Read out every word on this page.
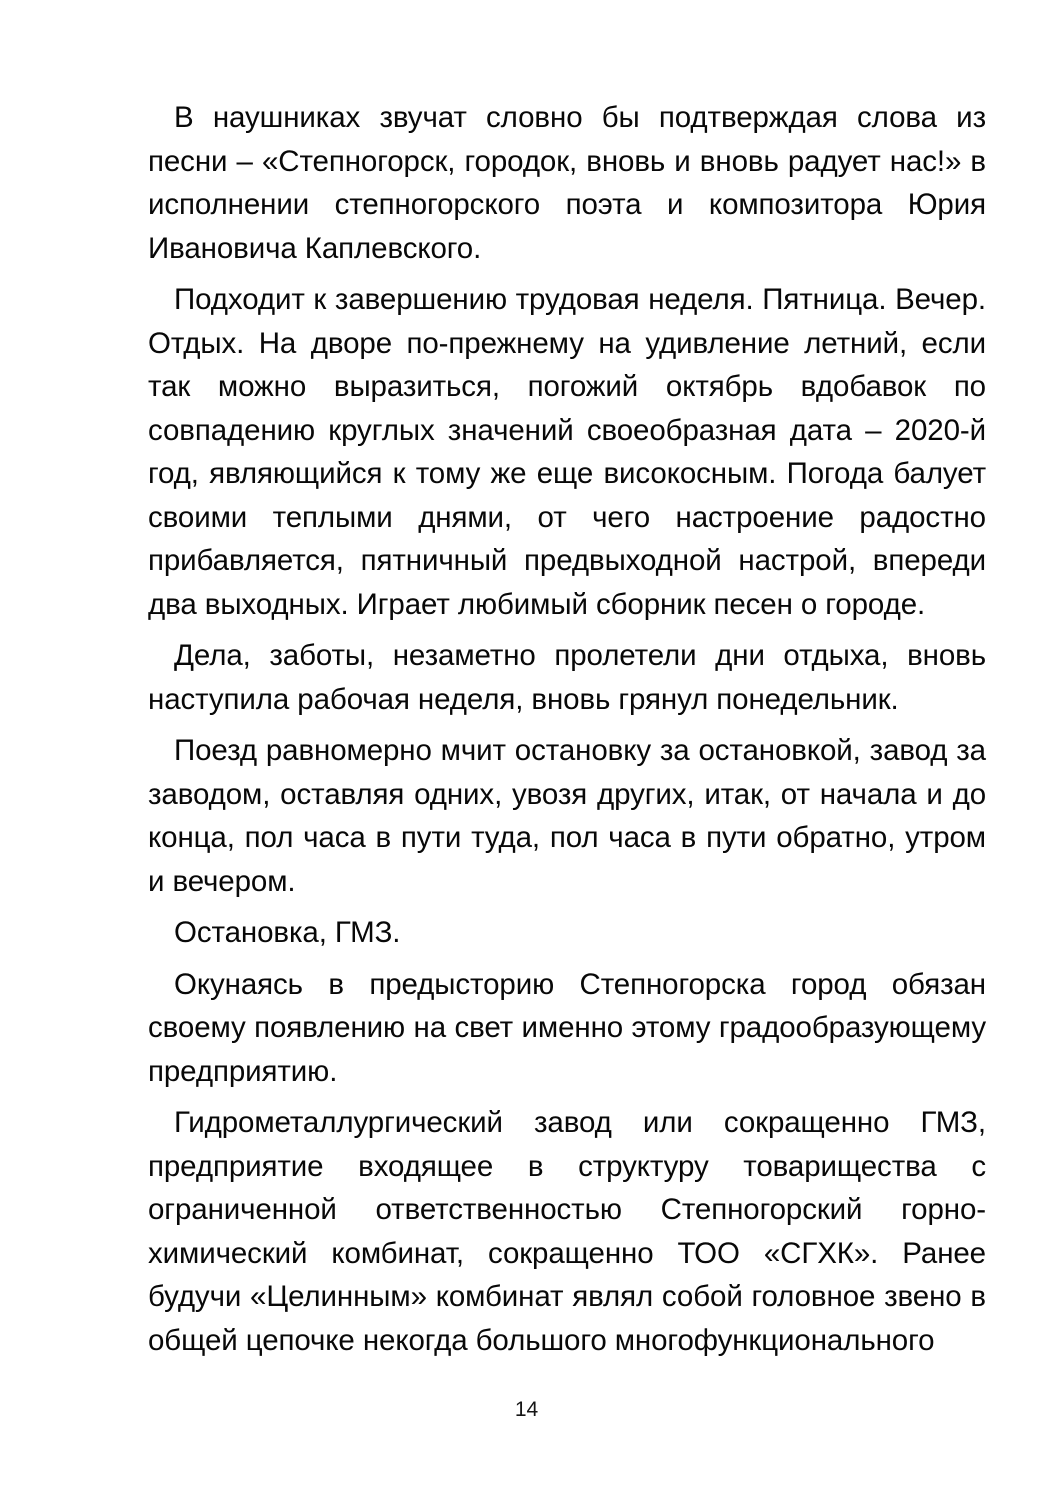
В наушниках звучат словно бы подтверждая слова из песни – «Степногорск, городок, вновь и вновь радует нас!» в исполнении степногорского поэта и композитора Юрия Ивановича Каплевского.

Подходит к завершению трудовая неделя. Пятница. Вечер. Отдых. На дворе по-прежнему на удивление летний, если так можно выразиться, погожий октябрь вдобавок по совпадению круглых значений своеобразная дата – 2020-й год, являющийся к тому же еще високосным. Погода балует своими теплыми днями, от чего настроение радостно прибавляется, пятничный предвыходной настрой, впереди два выходных. Играет любимый сборник песен о городе.

Дела, заботы, незаметно пролетели дни отдыха, вновь наступила рабочая неделя, вновь грянул понедельник.

Поезд равномерно мчит остановку за остановкой, завод за заводом, оставляя одних, увозя других, итак, от начала и до конца, пол часа в пути туда, пол часа в пути обратно, утром и вечером.

Остановка, ГМЗ.

Окунаясь в предысторию Степногорска город обязан своему появлению на свет именно этому градообразующему предприятию.

Гидрометаллургический завод или сокращенно ГМЗ, предприятие входящее в структуру товарищества с ограниченной ответственностью Степногорский горно-химический комбинат, сокращенно ТОО «СГХК». Ранее будучи «Целинным» комбинат являл собой головное звено в общей цепочке некогда большого многофункционального

14
